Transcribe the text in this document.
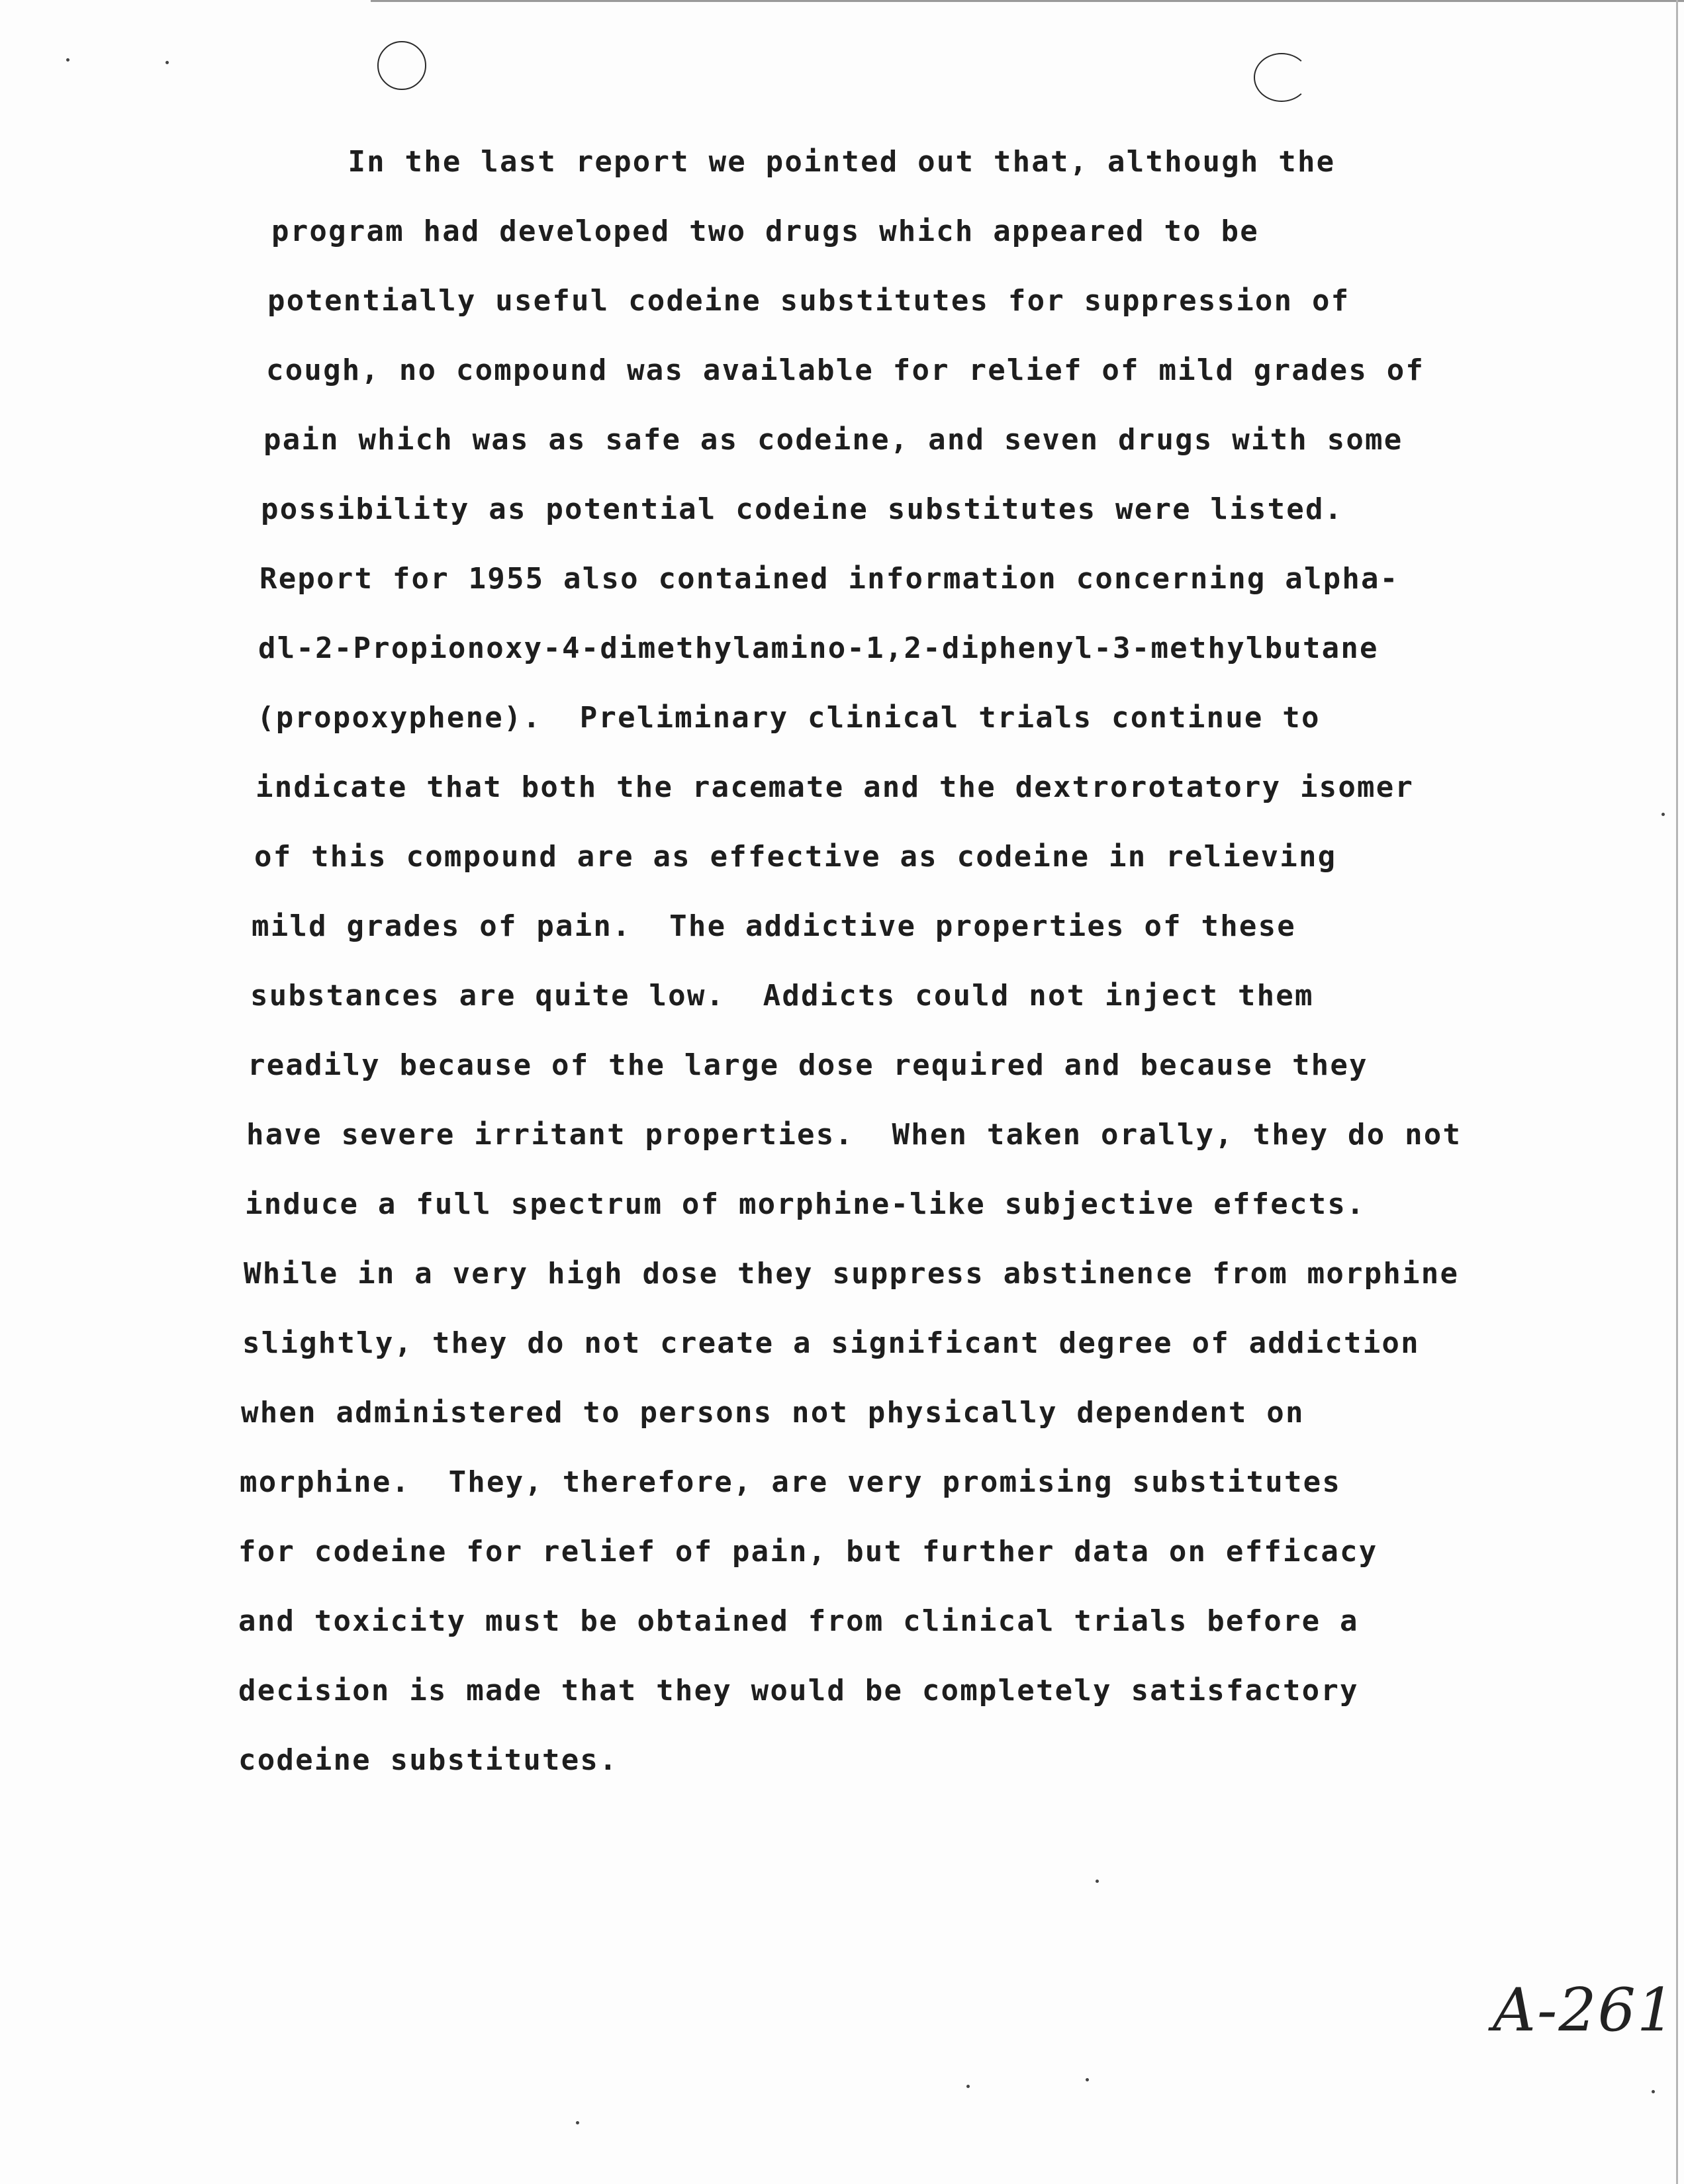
In the last report we pointed out that, although the
program had developed two drugs which appeared to be
potentially useful codeine substitutes for suppression of
cough, no compound was available for relief of mild grades of
pain which was as safe as codeine, and seven drugs with some
possibility as potential codeine substitutes were listed.
Report for 1955 also contained information concerning alpha-
dl-2-Propionoxy-4-dimethylamino-1,2-diphenyl-3-methylbutane
(propoxyphene).  Preliminary clinical trials continue to
indicate that both the racemate and the dextrorotatory isomer
of this compound are as effective as codeine in relieving
mild grades of pain.  The addictive properties of these
substances are quite low.  Addicts could not inject them
readily because of the large dose required and because they
have severe irritant properties.  When taken orally, they do not
induce a full spectrum of morphine-like subjective effects.
While in a very high dose they suppress abstinence from morphine
slightly, they do not create a significant degree of addiction
when administered to persons not physically dependent on
morphine.  They, therefore, are very promising substitutes
for codeine for relief of pain, but further data on efficacy
and toxicity must be obtained from clinical trials before a
decision is made that they would be completely satisfactory
codeine substitutes.
A-261
